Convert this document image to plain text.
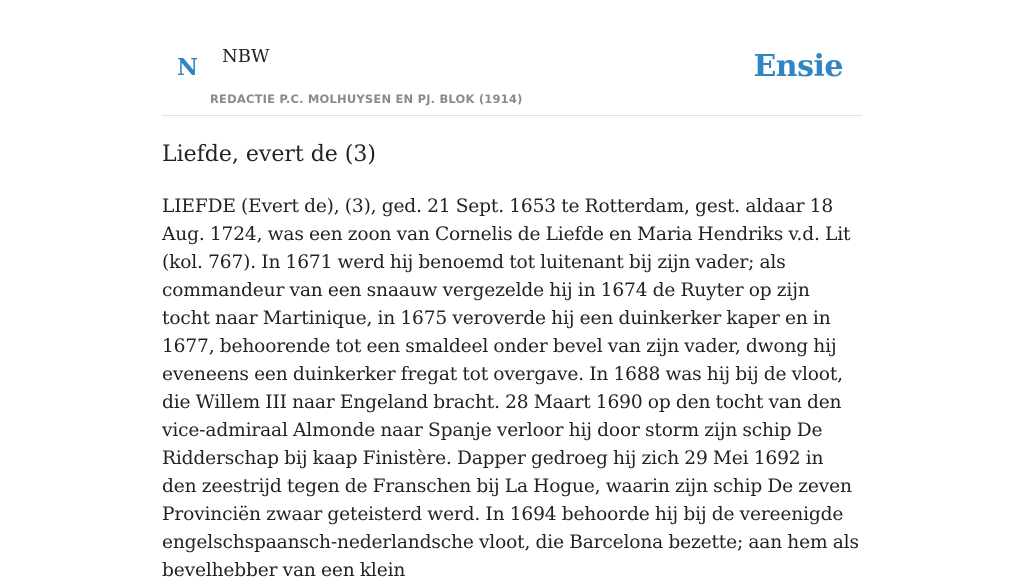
N NBW
REDACTIE P.C. MOLHUYSEN EN PJ. BLOK (1914)
Ensie
Liefde, evert de (3)

LIEFDE (Evert de), (3), ged. 21 Sept. 1653 te Rotterdam, gest. aldaar 18 Aug. 1724, was een zoon van Cornelis de Liefde en Maria Hendriks v.d. Lit (kol. 767). In 1671 werd hij benoemd tot luitenant bij zijn vader; als commandeur van een snaauw vergezelde hij in 1674 de Ruyter op zijn tocht naar Martinique, in 1675 veroverde hij een duinkerker kaper en in 1677, behoorende tot een smaldeel onder bevel van zijn vader, dwong hij eveneens een duinkerker fregat tot overgave. In 1688 was hij bij de vloot, die Willem III naar Engeland bracht. 28 Maart 1690 op den tocht van den vice-admiraal Almonde naar Spanje verloor hij door storm zijn schip De Ridderschap bij kaap Finistère. Dapper gedroeg hij zich 29 Mei 1692 in den zeestrijd tegen de Franschen bij La Hogue, waarin zijn schip De zeven Provinciën zwaar geteisterd werd. In 1694 behoorde hij bij de vereenigde engelschspaansch-nederlandsche vloot, die Barcelona bezette; aan hem als bevelhebber van een klein
